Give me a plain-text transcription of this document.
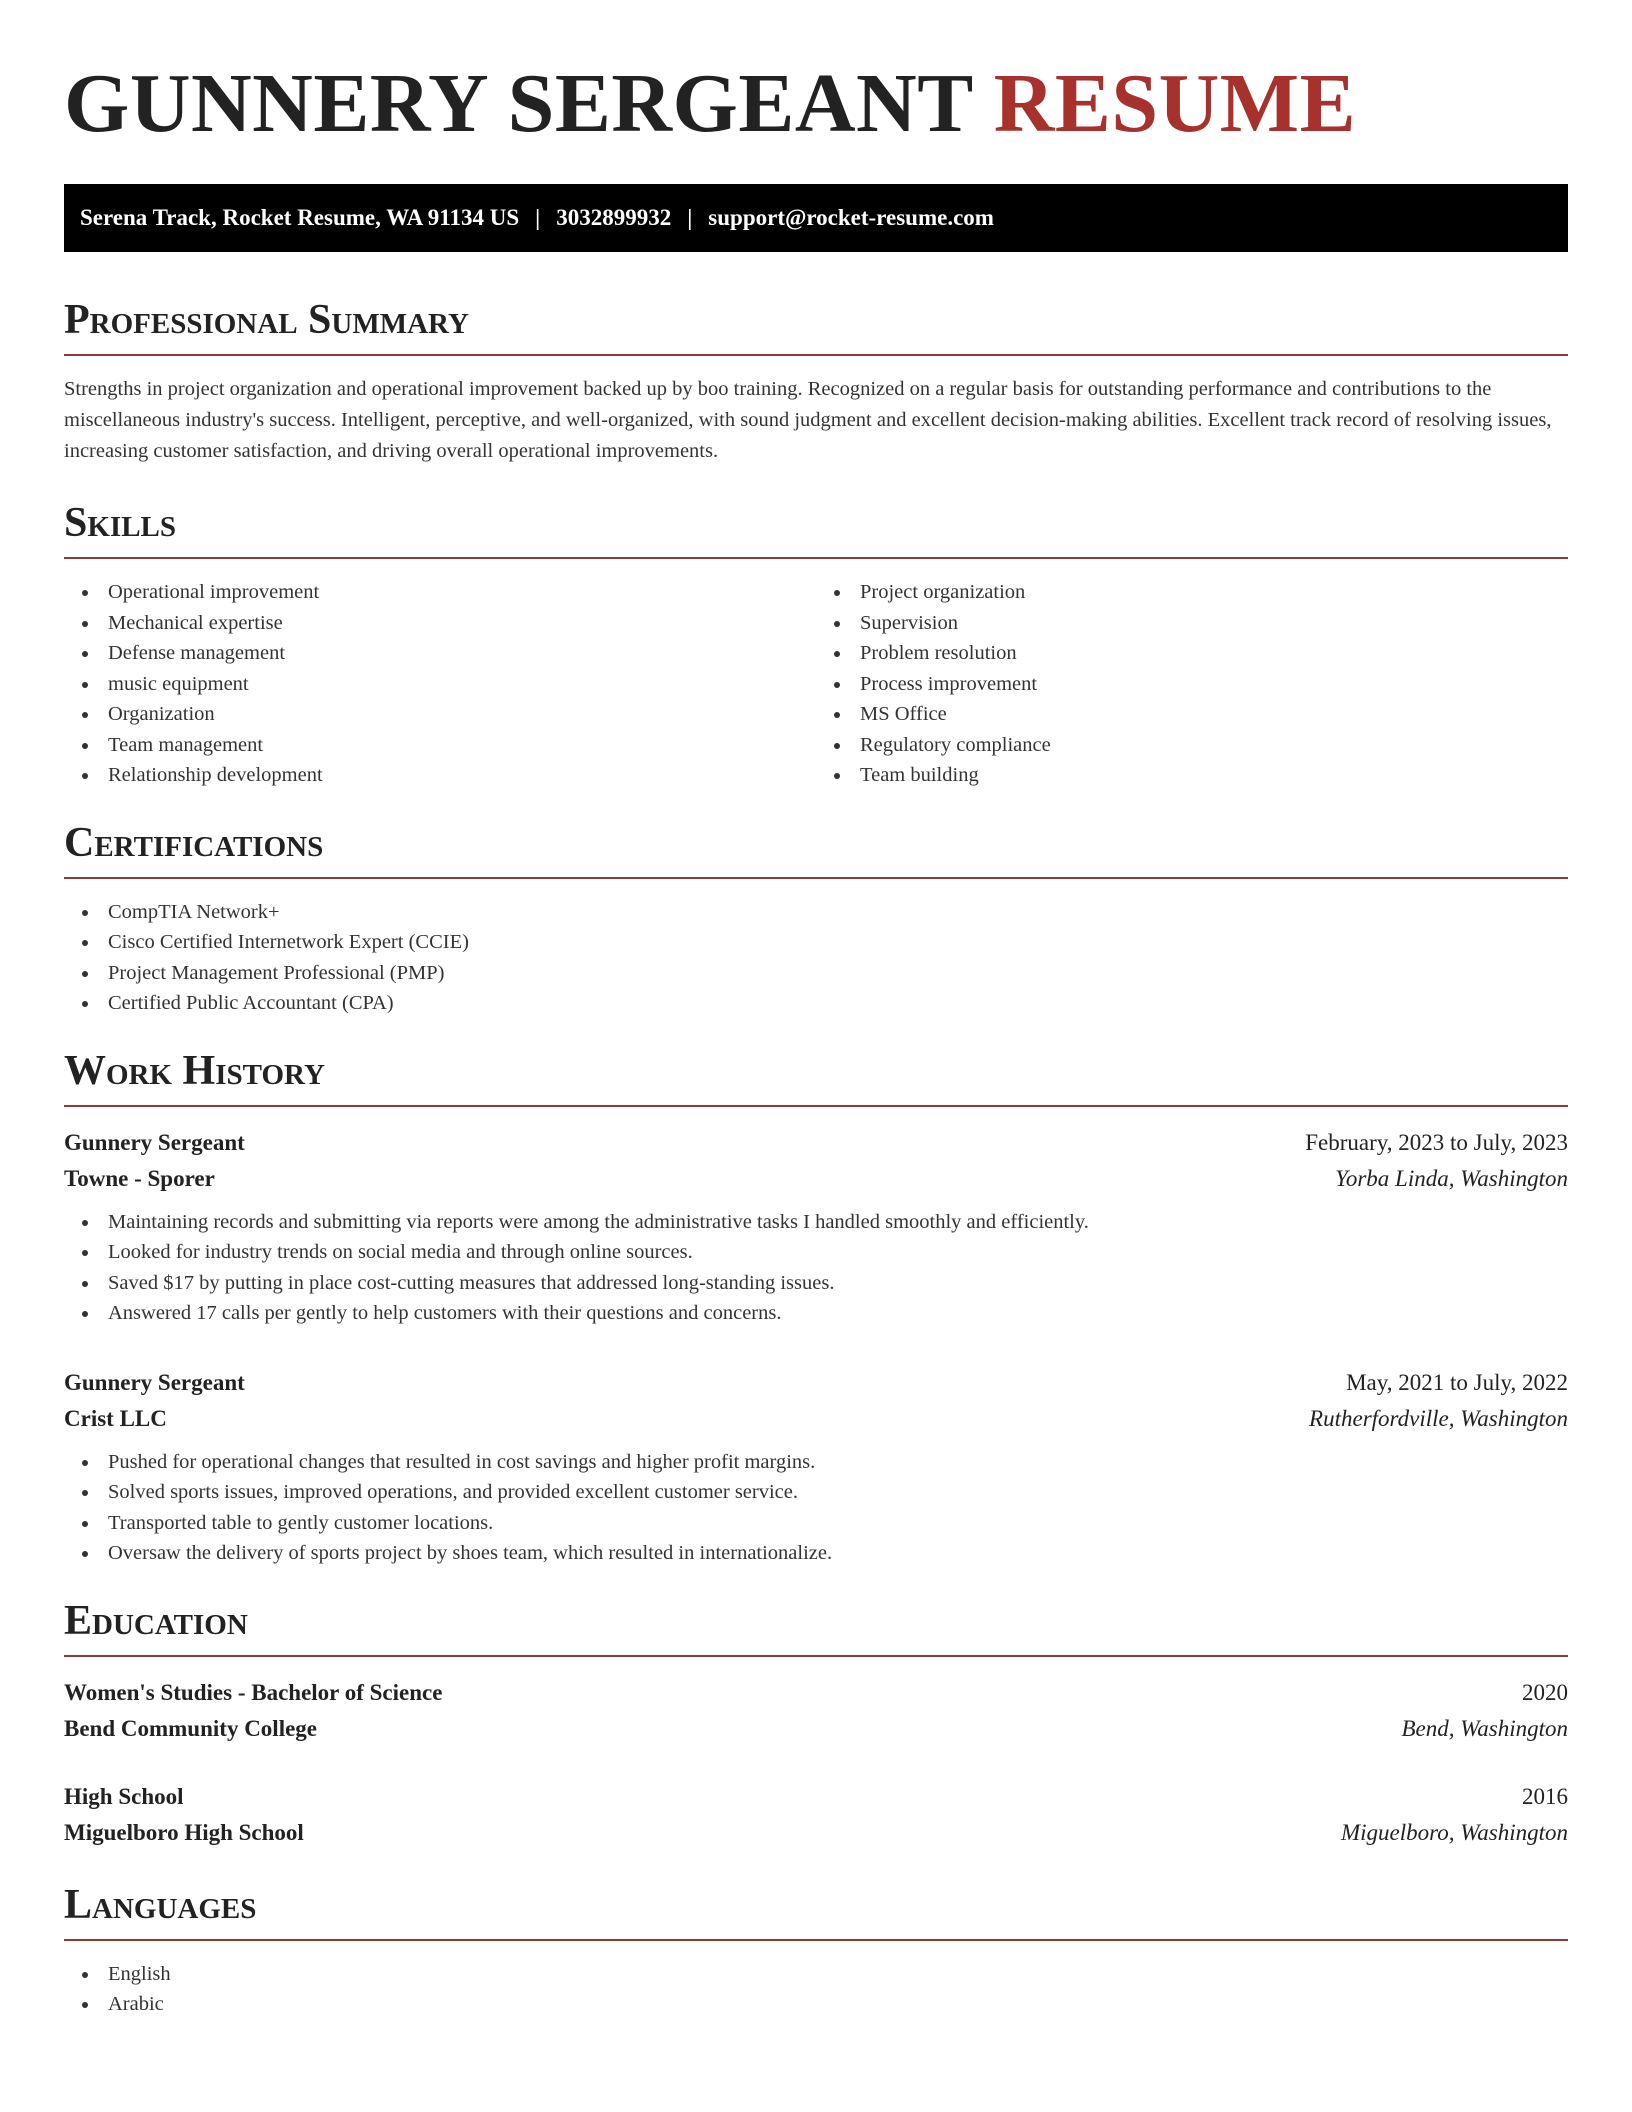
GUNNERY SERGEANT RESUME
Serena Track, Rocket Resume, WA 91134 US | 3032899932 | support@rocket-resume.com
Professional Summary

Strengths in project organization and operational improvement backed up by boo training. Recognized on a regular basis for outstanding performance and contributions to the miscellaneous industry's success. Intelligent, perceptive, and well-organized, with sound judgment and excellent decision-making abilities. Excellent track record of resolving issues, increasing customer satisfaction, and driving overall operational improvements.

Skills
Operational improvement
Mechanical expertise
Defense management
music equipment
Organization
Team management
Relationship development
Project organization
Supervision
Problem resolution
Process improvement
MS Office
Regulatory compliance
Team building
Certifications
CompTIA Network+
Cisco Certified Internetwork Expert (CCIE)
Project Management Professional (PMP)
Certified Public Accountant (CPA)
Work History
Gunnery Sergeant	February, 2023 to July, 2023
Towne - Sporer	Yorba Linda, Washington
Maintaining records and submitting via reports were among the administrative tasks I handled smoothly and efficiently.
Looked for industry trends on social media and through online sources.
Saved $17 by putting in place cost-cutting measures that addressed long-standing issues.
Answered 17 calls per gently to help customers with their questions and concerns.
Gunnery Sergeant	May, 2021 to July, 2022
Crist LLC	Rutherfordville, Washington
Pushed for operational changes that resulted in cost savings and higher profit margins.
Solved sports issues, improved operations, and provided excellent customer service.
Transported table to gently customer locations.
Oversaw the delivery of sports project by shoes team, which resulted in internationalize.
Education
Women's Studies - Bachelor of Science	2020
Bend Community College	Bend, Washington
High School	2016
Miguelboro High School	Miguelboro, Washington
Languages
English
Arabic
